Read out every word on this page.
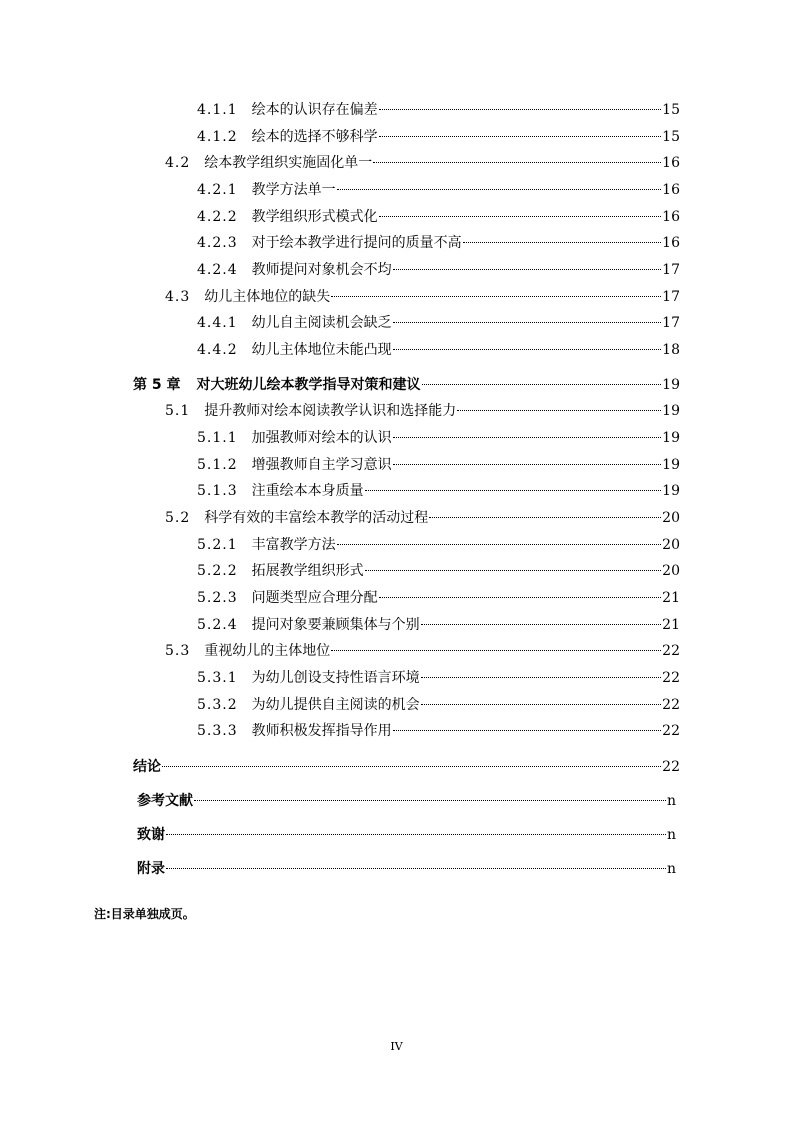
4.1.1 绘本的认识存在偏差	15
4.1.2 绘本的选择不够科学	15
4.2 绘本教学组织实施固化单一	16
4.2.1 教学方法单一	16
4.2.2 教学组织形式模式化	16
4.2.3 对于绘本教学进行提问的质量不高	16
4.2.4 教师提问对象机会不均	17
4.3 幼儿主体地位的缺失	17
4.4.1 幼儿自主阅读机会缺乏	17
4.4.2 幼儿主体地位未能凸现	18
第 5 章 对大班幼儿绘本教学指导对策和建议	19
5.1 提升教师对绘本阅读教学认识和选择能力	19
5.1.1 加强教师对绘本的认识	19
5.1.2 增强教师自主学习意识	19
5.1.3 注重绘本本身质量	19
5.2 科学有效的丰富绘本教学的活动过程	20
5.2.1 丰富教学方法	20
5.2.2 拓展教学组织形式	20
5.2.3 问题类型应合理分配	21
5.2.4 提问对象要兼顾集体与个别	21
5.3 重视幼儿的主体地位	22
5.3.1 为幼儿创设支持性语言环境	22
5.3.2 为幼儿提供自主阅读的机会	22
5.3.3 教师积极发挥指导作用	22
结论	22
参考文献	n
致谢	n
附录	n
注:目录单独成页。
IV
